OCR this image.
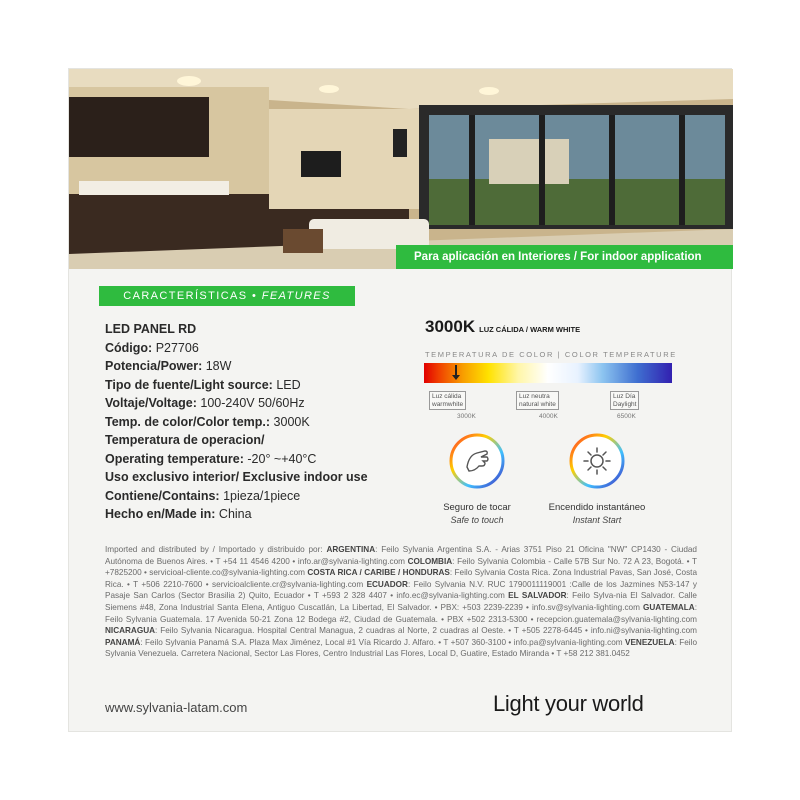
Para aplicación en Interiores / For indoor application
CARACTERÍSTICAS • FEATURES
LED PANEL RD
Código: P27706
Potencia/Power: 18W
Tipo de fuente/Light source: LED
Voltaje/Voltage: 100-240V 50/60Hz
Temp. de color/Color temp.: 3000K
Temperatura de operacion/
Operating temperature: -20° ~+40°C
Uso exclusivo interior/ Exclusive indoor use
Contiene/Contains: 1pieza/1piece
Hecho en/Made in: China
3000K LUZ CÁLIDA / WARM WHITE
TEMPERATURA DE COLOR | COLOR TEMPERATURE
Luz cálida
warmwhite
3000K
Luz neutra
natural white
4000K
Luz Día
Daylight
6500K
Seguro de tocar
Safe to touch
Encendido instantáneo
Instant Start
Imported and distributed by / Importado y distribuido por: ARGENTINA: Feilo Sylvania Argentina S.A. - Arias 3751 Piso 21 Oficina "NW" CP1430 - Ciudad Autónoma de Buenos Aires. • T +54 11 4546 4200 • info.ar@sylvania-lighting.com COLOMBIA: Feilo Sylvania Colombia - Calle 57B Sur No. 72 A 23, Bogotá. • T +7825200 • servicioal-cliente.co@sylvania-lighting.com COSTA RICA / CARIBE / HONDURAS: Feilo Sylvania Costa Rica. Zona Industrial Pavas, San José, Costa Rica. • T +506 2210-7600 • servicioalcliente.cr@sylvania-lighting.com ECUADOR: Feilo Sylvania N.V. RUC 1790011119001 :Calle de los Jazmines N53-147 y Pasaje San Carlos (Sector Brasilia 2) Quito, Ecuador • T +593 2 328 4407 • info.ec@sylvania-lighting.com EL SALVADOR: Feilo Sylva-nia El Salvador. Calle Siemens #48, Zona Industrial Santa Elena, Antiguo Cuscatlán, La Libertad, El Salvador. • PBX: +503 2239-2239 • info.sv@sylvania-lighting.com GUATEMALA: Feilo Sylvania Guatemala. 17 Avenida 50-21 Zona 12 Bodega #2, Ciudad de Guatemala. • PBX +502 2313-5300 • recepcion.guatemala@sylvania-lighting.com NICARAGUA: Feilo Sylvania Nicaragua. Hospital Central Managua, 2 cuadras al Norte, 2 cuadras al Oeste. • T +505 2278-6445 • info.ni@sylvania-lighting.com PANAMÁ: Feilo Sylvania Panamá S.A. Plaza Max Jiménez, Local #1 Vía Ricardo J. Alfaro. • T +507 360-3100 • info.pa@sylvania-lighting.com VENEZUELA: Feilo Sylvania Venezuela. Carretera Nacional, Sector Las Flores, Centro Industrial Las Flores, Local D, Guatire, Estado Miranda • T +58 212 381.0452
www.sylvania-latam.com	Light your world
